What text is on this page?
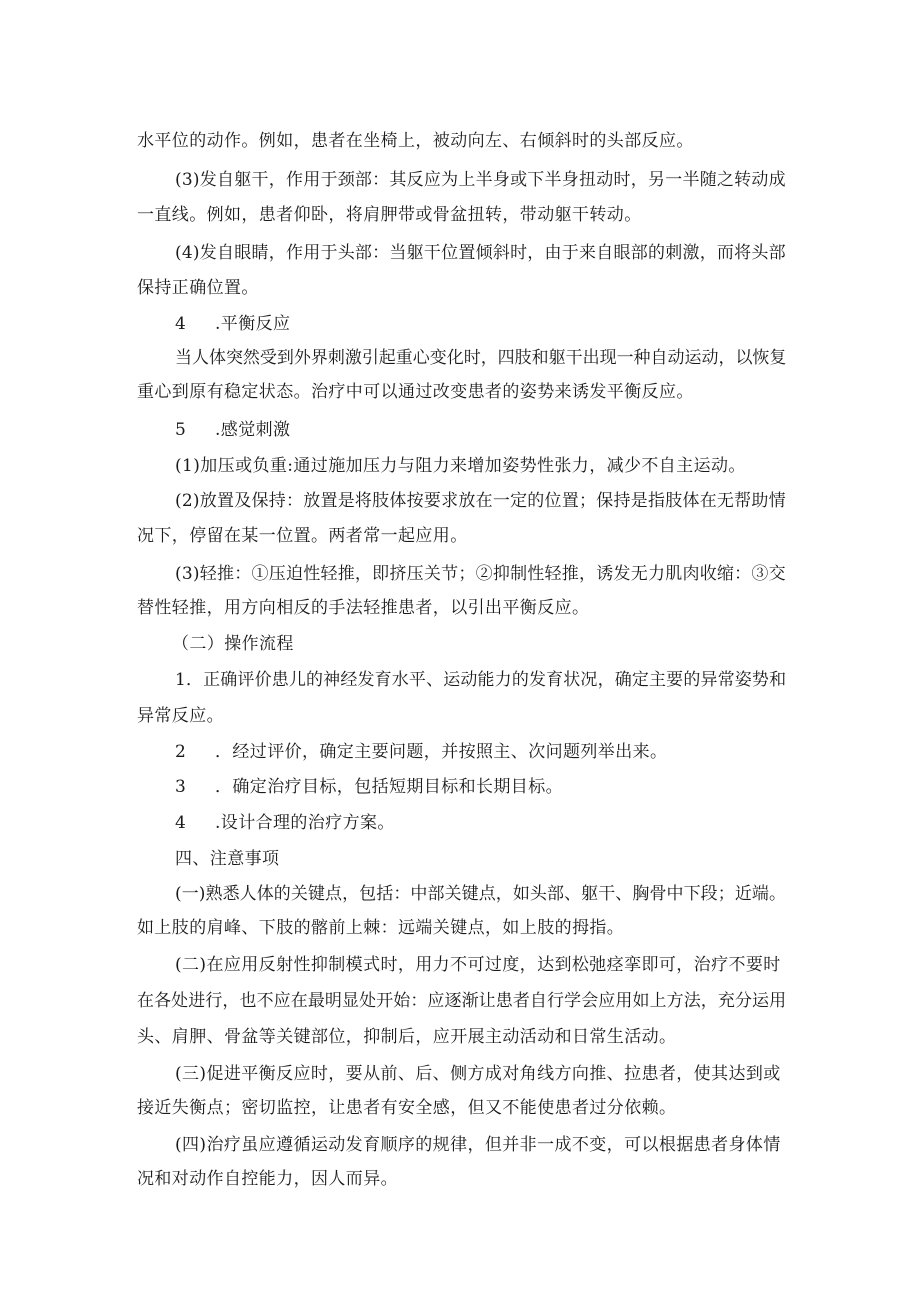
水平位的动作。例如，患者在坐椅上，被动向左、右倾斜时的头部反应。
(3)发自躯干，作用于颈部：其反应为上半身或下半身扭动时，另一半随之转动成
一直线。例如，患者仰卧，将肩胛带或骨盆扭转，带动躯干转动。
(4)发自眼睛，作用于头部：当躯干位置倾斜时，由于来自眼部的刺激，而将头部
保持正确位置。
4 .平衡反应
当人体突然受到外界刺激引起重心变化时，四肢和躯干出现一种自动运动，以恢复
重心到原有稳定状态。治疗中可以通过改变患者的姿势来诱发平衡反应。
5 .感觉刺激
(1)加压或负重:通过施加压力与阻力来增加姿势性张力，减少不自主运动。
(2)放置及保持：放置是将肢体按要求放在一定的位置；保持是指肢体在无帮助情
况下，停留在某一位置。两者常一起应用。
(3)轻推：①压迫性轻推，即挤压关节；②抑制性轻推，诱发无力肌肉收缩：③交
替性轻推，用方向相反的手法轻推患者，以引出平衡反应。
（二）操作流程
1．正确评价患儿的神经发育水平、运动能力的发育状况，确定主要的异常姿势和
异常反应。
2 ．经过评价，确定主要问题，并按照主、次问题列举出来。
3 ．确定治疗目标，包括短期目标和长期目标。
4 .设计合理的治疗方案。
四、注意事项
(一)熟悉人体的关键点，包括：中部关键点，如头部、躯干、胸骨中下段；近端。
如上肢的肩峰、下肢的髂前上棘：远端关键点，如上肢的拇指。
(二)在应用反射性抑制模式时，用力不可过度，达到松弛痉挛即可，治疗不要时
在各处进行，也不应在最明显处开始：应逐渐让患者自行学会应用如上方法，充分运用
头、肩胛、骨盆等关键部位，抑制后，应开展主动活动和日常生活动。
(三)促进平衡反应时，要从前、后、侧方成对角线方向推、拉患者，使其达到或
接近失衡点；密切监控，让患者有安全感，但又不能使患者过分依赖。
(四)治疗虽应遵循运动发育顺序的规律，但并非一成不变，可以根据患者身体情
况和对动作自控能力，因人而异。
